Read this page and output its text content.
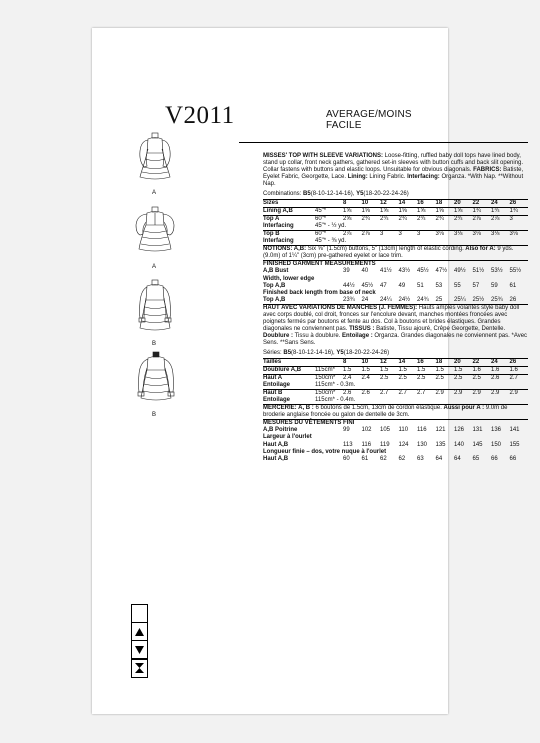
V2011	AVERAGE/MOINS FACILE
A
A
B
B

MISSES' TOP WITH SLEEVE VARIATIONS: Loose-fitting, ruffled baby doll tops have lined body, stand up collar, front neck gathers, gathered set-in sleeves with button cuffs and back slit opening. Collar fastens with buttons and elastic loops. Unsuitable for obvious diagonals. FABRICS: Batiste, Eyelet Fabric, Georgette, Lace. Lining: Lining Fabric. Interfacing: Organza. *With Nap. **Without Nap.

Combinations: B5(8-10-12-14-16), Y5(18-20-22-24-26)

Sizes		8	10	12	14	16	18	20	22	24	26
Lining A,B	45"*	1⅝	1⅝	1⅝	1⅝	1⅝	1⅝	1⅝	1¾	1¾	1¾
Top A	60"*	2⅝	2¾	2¾	2¾	2¾	2¾	2¾	2⅞	2⅞	3
Interfacing	45"* - ½ yd.										
Top B	60"*	2⅞	2⅞	3	3	3	3⅛	3⅛	3⅛	3⅛	3⅛
Interfacing	45"* - ⅜ yd.										

NOTIONS: A,B: Six ⅝" (1.5cm) buttons, 5" (13cm) length of elastic cording. Also for A: 9 yds. (9.0m) of 1¼" (3cm) pre-gathered eyelet or lace trim.

FINISHED GARMENT MEASUREMENTS

A,B Bust		39	40	41½	43½	45½	47½	49½	51½	53½	55½
Width, lower edge											
Top A,B		44½	45½	47	49	51	53	55	57	59	61
Finished back length from base of neck											
Top A,B		23¾	24	24¼	24½	24¾	25	25¼	25½	25¾	26

HAUT AVEC VARIATIONS DE MANCHES (J. FEMMES): Hauts amples volantés style baby doll avec corps doublé, col droit, fronces sur l'encolure devant, manches montées froncées avec poignets fermés par boutons et fente au dos. Col à boutons et brides élastiques. Grandes diagonales ne conviennent pas. TISSUS : Batiste, Tissu ajouré, Crêpe Georgette, Dentelle. Doublure : Tissu à doublure. Entoilage : Organza. Grandes diagonales ne conviennent pas. *Avec Sens. **Sans Sens.

Séries: B5(8-10-12-14-16), Y5(18-20-22-24-26)

Tailles		8	10	12	14	16	18	20	22	24	26
Doublure A,B	115cm*	1.5	1.5	1.5	1.5	1.5	1.5	1.5	1.6	1.6	1.6
Haut A	150cm*	2.4	2.4	2.5	2.5	2.5	2.5	2.5	2.5	2.6	2.7
Entoilage	115cm* - 0.3m.										
Haut B	150cm*	2.6	2.6	2.7	2.7	2.7	2.9	2.9	2.9	2.9	2.9
Entoilage	115cm* - 0.4m.										

MERCERIE: A, B : 6 boutons de 1.5cm, 13cm de cordon élastique. Aussi pour A : 9.0m de broderie anglaise froncée ou galon de dentelle de 3cm.

MESURES DU VÊTEMENTS FINI

A,B Poitrine		99	102	105	110	116	121	126	131	136	141
Largeur à l'ourlet											
Haut A,B		113	116	119	124	130	135	140	145	150	155
Longueur finie – dos, votre nuque à l'ourlet											
Haut A,B		60	61	62	62	63	64	64	65	66	66
